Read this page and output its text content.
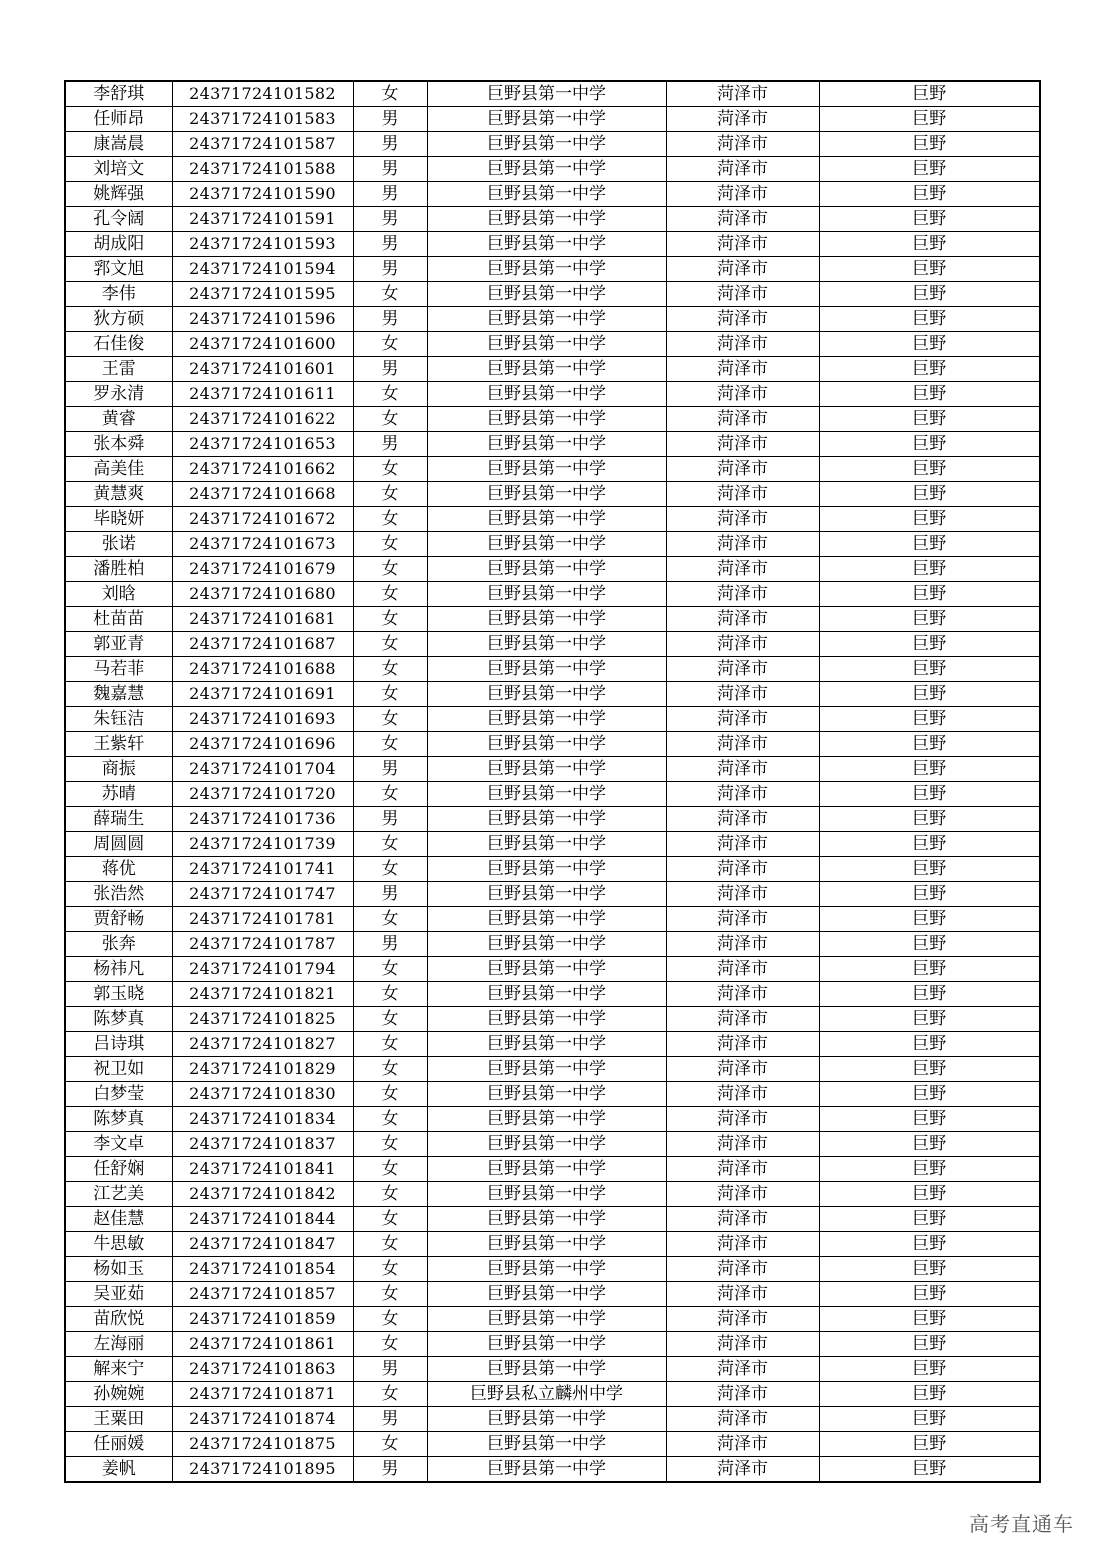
李舒琪	24371724101582	女	巨野县第一中学	菏泽市	巨野
任师昂	24371724101583	男	巨野县第一中学	菏泽市	巨野
康嵩晨	24371724101587	男	巨野县第一中学	菏泽市	巨野
刘培文	24371724101588	男	巨野县第一中学	菏泽市	巨野
姚辉强	24371724101590	男	巨野县第一中学	菏泽市	巨野
孔令阔	24371724101591	男	巨野县第一中学	菏泽市	巨野
胡成阳	24371724101593	男	巨野县第一中学	菏泽市	巨野
郛文旭	24371724101594	男	巨野县第一中学	菏泽市	巨野
李伟	24371724101595	女	巨野县第一中学	菏泽市	巨野
狄方硕	24371724101596	男	巨野县第一中学	菏泽市	巨野
石佳俊	24371724101600	女	巨野县第一中学	菏泽市	巨野
王雷	24371724101601	男	巨野县第一中学	菏泽市	巨野
罗永清	24371724101611	女	巨野县第一中学	菏泽市	巨野
黄睿	24371724101622	女	巨野县第一中学	菏泽市	巨野
张本舜	24371724101653	男	巨野县第一中学	菏泽市	巨野
高美佳	24371724101662	女	巨野县第一中学	菏泽市	巨野
黄慧爽	24371724101668	女	巨野县第一中学	菏泽市	巨野
毕晓妍	24371724101672	女	巨野县第一中学	菏泽市	巨野
张诺	24371724101673	女	巨野县第一中学	菏泽市	巨野
潘胜柏	24371724101679	女	巨野县第一中学	菏泽市	巨野
刘晗	24371724101680	女	巨野县第一中学	菏泽市	巨野
杜苗苗	24371724101681	女	巨野县第一中学	菏泽市	巨野
郭亚青	24371724101687	女	巨野县第一中学	菏泽市	巨野
马若菲	24371724101688	女	巨野县第一中学	菏泽市	巨野
魏嘉慧	24371724101691	女	巨野县第一中学	菏泽市	巨野
朱钰洁	24371724101693	女	巨野县第一中学	菏泽市	巨野
王紫轩	24371724101696	女	巨野县第一中学	菏泽市	巨野
商振	24371724101704	男	巨野县第一中学	菏泽市	巨野
苏晴	24371724101720	女	巨野县第一中学	菏泽市	巨野
薛瑞生	24371724101736	男	巨野县第一中学	菏泽市	巨野
周圆圆	24371724101739	女	巨野县第一中学	菏泽市	巨野
蒋优	24371724101741	女	巨野县第一中学	菏泽市	巨野
张浩然	24371724101747	男	巨野县第一中学	菏泽市	巨野
贾舒畅	24371724101781	女	巨野县第一中学	菏泽市	巨野
张奔	24371724101787	男	巨野县第一中学	菏泽市	巨野
杨祎凡	24371724101794	女	巨野县第一中学	菏泽市	巨野
郭玉晓	24371724101821	女	巨野县第一中学	菏泽市	巨野
陈梦真	24371724101825	女	巨野县第一中学	菏泽市	巨野
吕诗琪	24371724101827	女	巨野县第一中学	菏泽市	巨野
祝卫如	24371724101829	女	巨野县第一中学	菏泽市	巨野
白梦莹	24371724101830	女	巨野县第一中学	菏泽市	巨野
陈梦真	24371724101834	女	巨野县第一中学	菏泽市	巨野
李文卓	24371724101837	女	巨野县第一中学	菏泽市	巨野
任舒娴	24371724101841	女	巨野县第一中学	菏泽市	巨野
江艺美	24371724101842	女	巨野县第一中学	菏泽市	巨野
赵佳慧	24371724101844	女	巨野县第一中学	菏泽市	巨野
牛思敏	24371724101847	女	巨野县第一中学	菏泽市	巨野
杨如玉	24371724101854	女	巨野县第一中学	菏泽市	巨野
吴亚茹	24371724101857	女	巨野县第一中学	菏泽市	巨野
苗欣悦	24371724101859	女	巨野县第一中学	菏泽市	巨野
左海丽	24371724101861	女	巨野县第一中学	菏泽市	巨野
解来宁	24371724101863	男	巨野县第一中学	菏泽市	巨野
孙婉婉	24371724101871	女	巨野县私立麟州中学	菏泽市	巨野
王粟田	24371724101874	男	巨野县第一中学	菏泽市	巨野
任丽媛	24371724101875	女	巨野县第一中学	菏泽市	巨野
姜帆	24371724101895	男	巨野县第一中学	菏泽市	巨野
高考直通车
